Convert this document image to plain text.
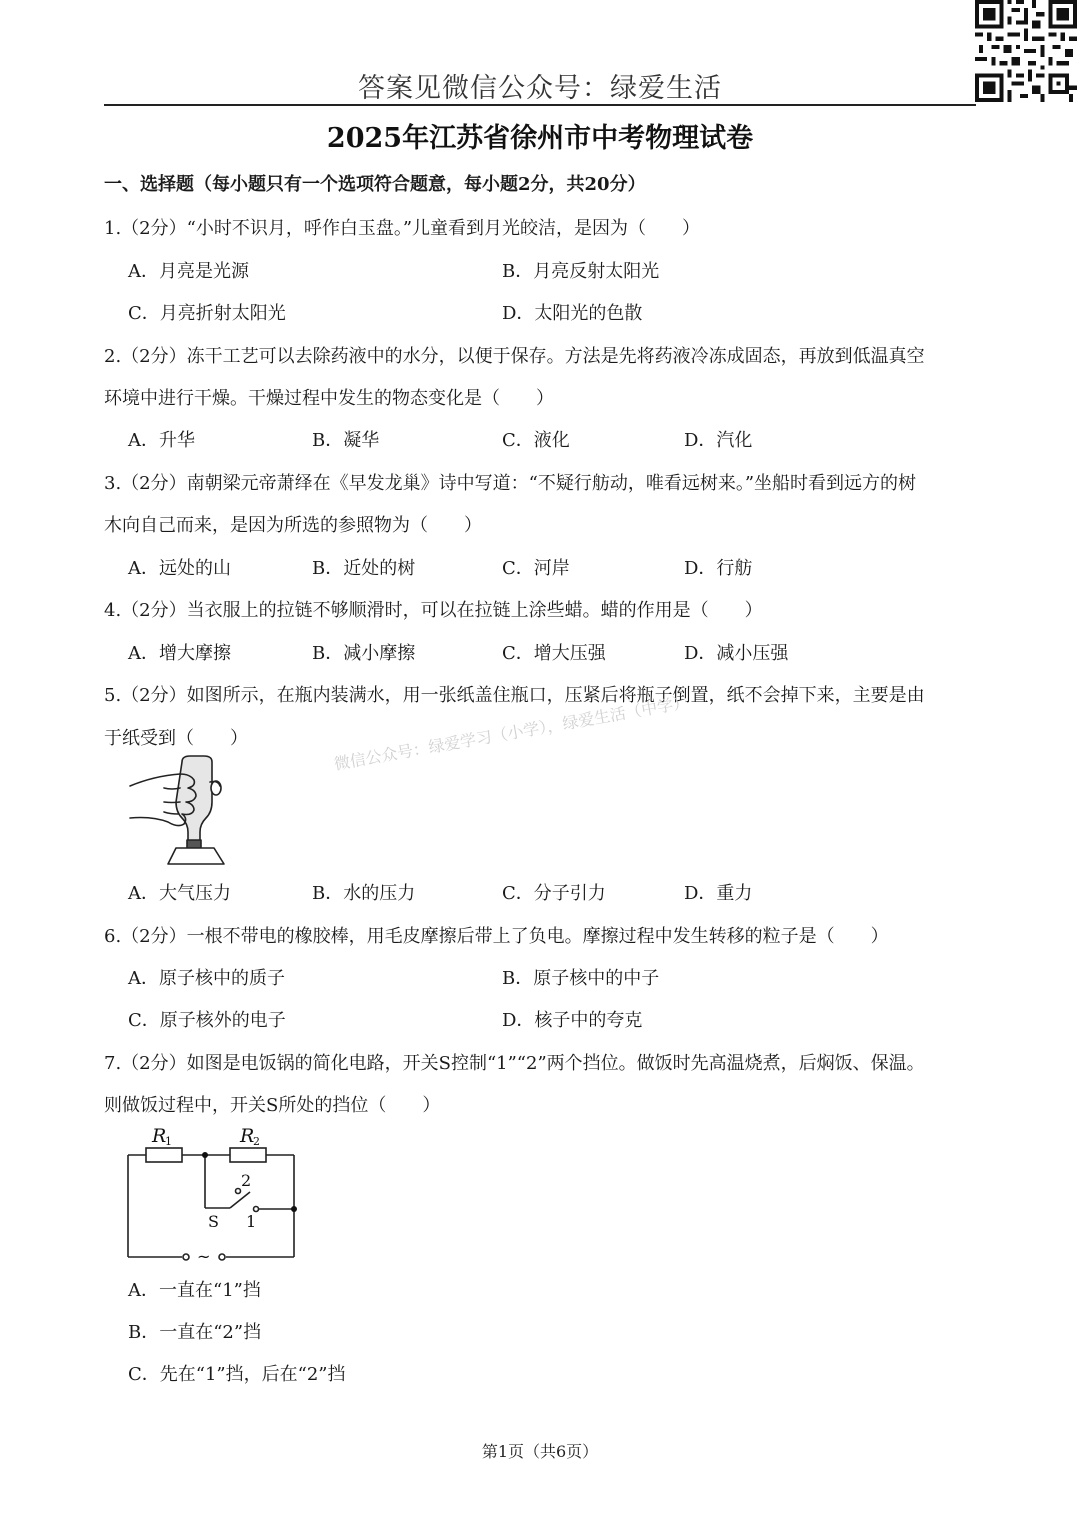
答案见微信公众号：绿爱生活
2025年江苏省徐州市中考物理试卷
一、选择题（每小题只有一个选项符合题意，每小题2分，共20分）
1.（2分）“小时不识月，呼作白玉盘。”儿童看到月光皎洁，是因为（　　）
A．月亮是光源	B．月亮反射太阳光
C．月亮折射太阳光	D．太阳光的色散
2.（2分）冻干工艺可以去除药液中的水分，以便于保存。方法是先将药液冷冻成固态，再放到低温真空
环境中进行干燥。干燥过程中发生的物态变化是（　　）
A．升华	B．凝华	C．液化	D．汽化
3.（2分）南朝梁元帝萧绎在《早发龙巢》诗中写道：“不疑行舫动，唯看远树来。”坐船时看到远方的树
木向自己而来，是因为所选的参照物为（　　）
A．远处的山	B．近处的树	C．河岸	D．行舫
4.（2分）当衣服上的拉链不够顺滑时，可以在拉链上涂些蜡。蜡的作用是（　　）
A．增大摩擦	B．减小摩擦	C．增大压强	D．减小压强
5.（2分）如图所示，在瓶内装满水，用一张纸盖住瓶口，压紧后将瓶子倒置，纸不会掉下来，主要是由
于纸受到（　　）	微信公众号：绿爱学习（小学），绿爱生活（中学）
A．大气压力	B．水的压力	C．分子引力	D．重力
6.（2分）一根不带电的橡胶棒，用毛皮摩擦后带上了负电。摩擦过程中发生转移的粒子是（　　）
A．原子核中的质子	B．原子核中的中子
C．原子核外的电子	D．核子中的夸克
7.（2分）如图是电饭锅的简化电路，开关S控制“1”“2”两个挡位。做饭时先高温烧煮，后焖饭、保温。
则做饭过程中，开关S所处的挡位（　　）
R
1	R
2
2
1
S
~
A．一直在“1”挡
B．一直在“2”挡
C．先在“1”挡，后在“2”挡
第1页（共6页）
